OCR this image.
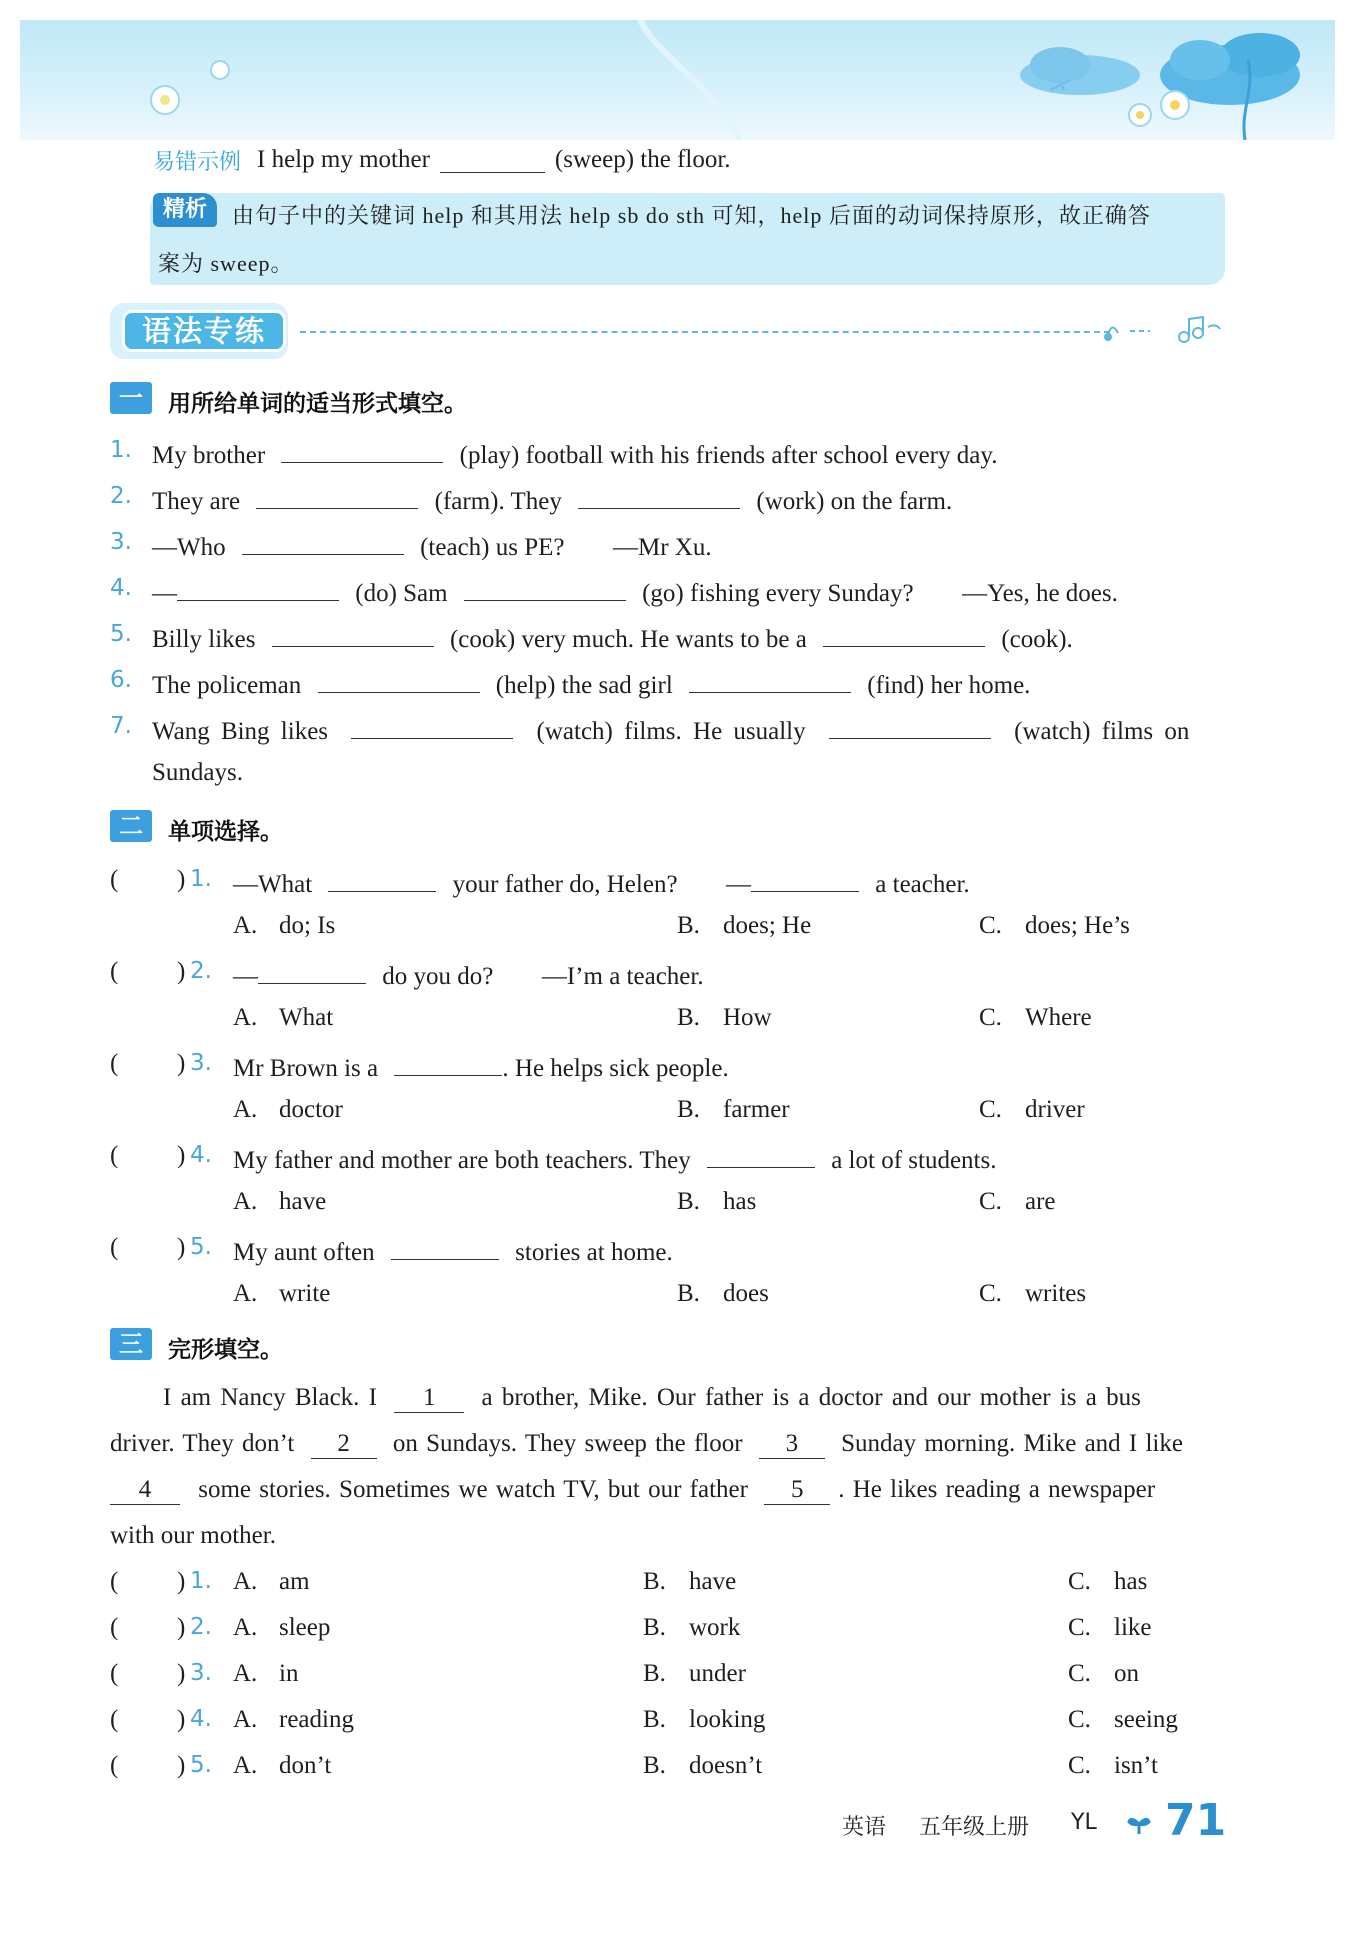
易错示例 I help my mother	(sweep) the floor.
精析	由句子中的关键词 help 和其用法 help sb do sth 可知，help 后面的动词保持原形，故正确答
案为 sweep。
语法专练
一	用所给单词的适当形式填空。
1. My brother	(play) football with his friends after school every day.
2. They are	(farm). They	(work) on the farm.
3. —Who	(teach) us PE? —Mr Xu.
4. —	(do) Sam	(go) fishing every Sunday? —Yes, he does.
5. Billy likes	(cook) very much. He wants to be a	(cook).
6. The policeman	(help) the sad girl	(find) her home.
7. Wang Bing likes	(watch) films. He usually	(watch) films on
Sundays.
二	单项选择。
( ) 1. —What	your father do, Helen? —	a teacher.
A. do; Is	B. does; He	C. does; He’s
( ) 2. —	do you do? —I’m a teacher.
A. What	B. How	C. Where
( ) 3. Mr Brown is a	. He helps sick people.
A. doctor	B. farmer	C. driver
( ) 4. My father and mother are both teachers. They	a lot of students.
A. have	B. has	C. are
( ) 5. My aunt often	stories at home.
A. write	B. does	C. writes
三	完形填空。
I am Nancy Black. I 1 a brother, Mike. Our father is a doctor and our mother is a bus
driver. They don’t 2 on Sundays. They sweep the floor 3 Sunday morning. Mike and I like
4 some stories. Sometimes we watch TV, but our father 5 . He likes reading a newspaper
with our mother.
( ) 1. A. am	B. have	C. has
( ) 2. A. sleep	B. work	C. like
( ) 3. A. in	B. under	C. on
( ) 4. A. reading	B. looking	C. seeing
( ) 5. A. don’t	B. doesn’t	C. isn’t
英语 五年级上册 YL 71
